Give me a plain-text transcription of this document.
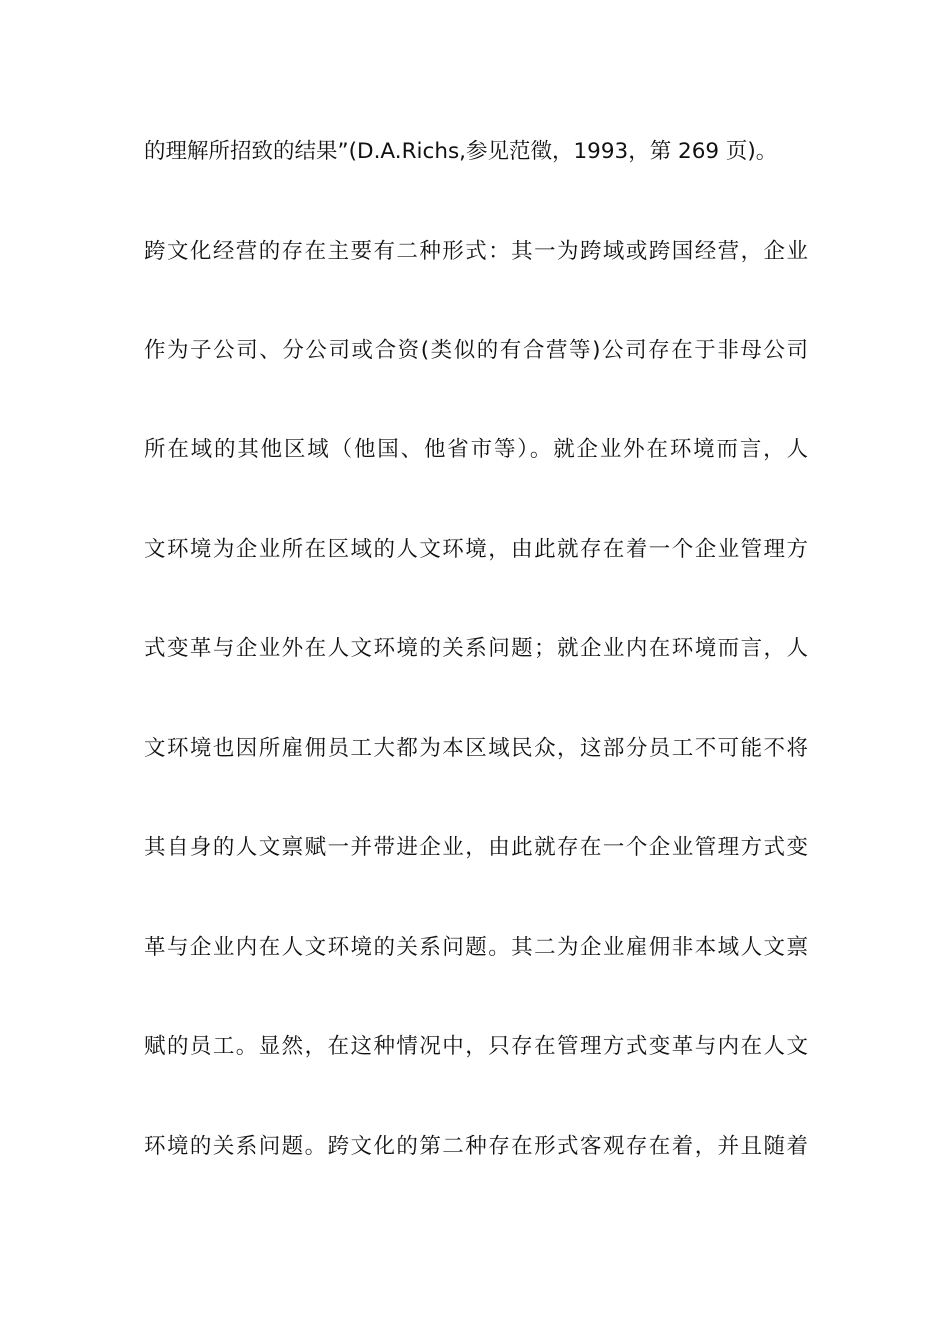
的理解所招致的结果”(D.A.Richs,参见范徵，1993，第 269 页)。
跨文化经营的存在主要有二种形式：其一为跨域或跨国经营，企业
作为子公司、分公司或合资(类似的有合营等)公司存在于非母公司
所在域的其他区域（他国、他省市等）。就企业外在环境而言，人
文环境为企业所在区域的人文环境，由此就存在着一个企业管理方
式变革与企业外在人文环境的关系问题；就企业内在环境而言，人
文环境也因所雇佣员工大都为本区域民众，这部分员工不可能不将
其自身的人文禀赋一并带进企业，由此就存在一个企业管理方式变
革与企业内在人文环境的关系问题。其二为企业雇佣非本域人文禀
赋的员工。显然，在这种情况中，只存在管理方式变革与内在人文
环境的关系问题。跨文化的第二种存在形式客观存在着，并且随着
